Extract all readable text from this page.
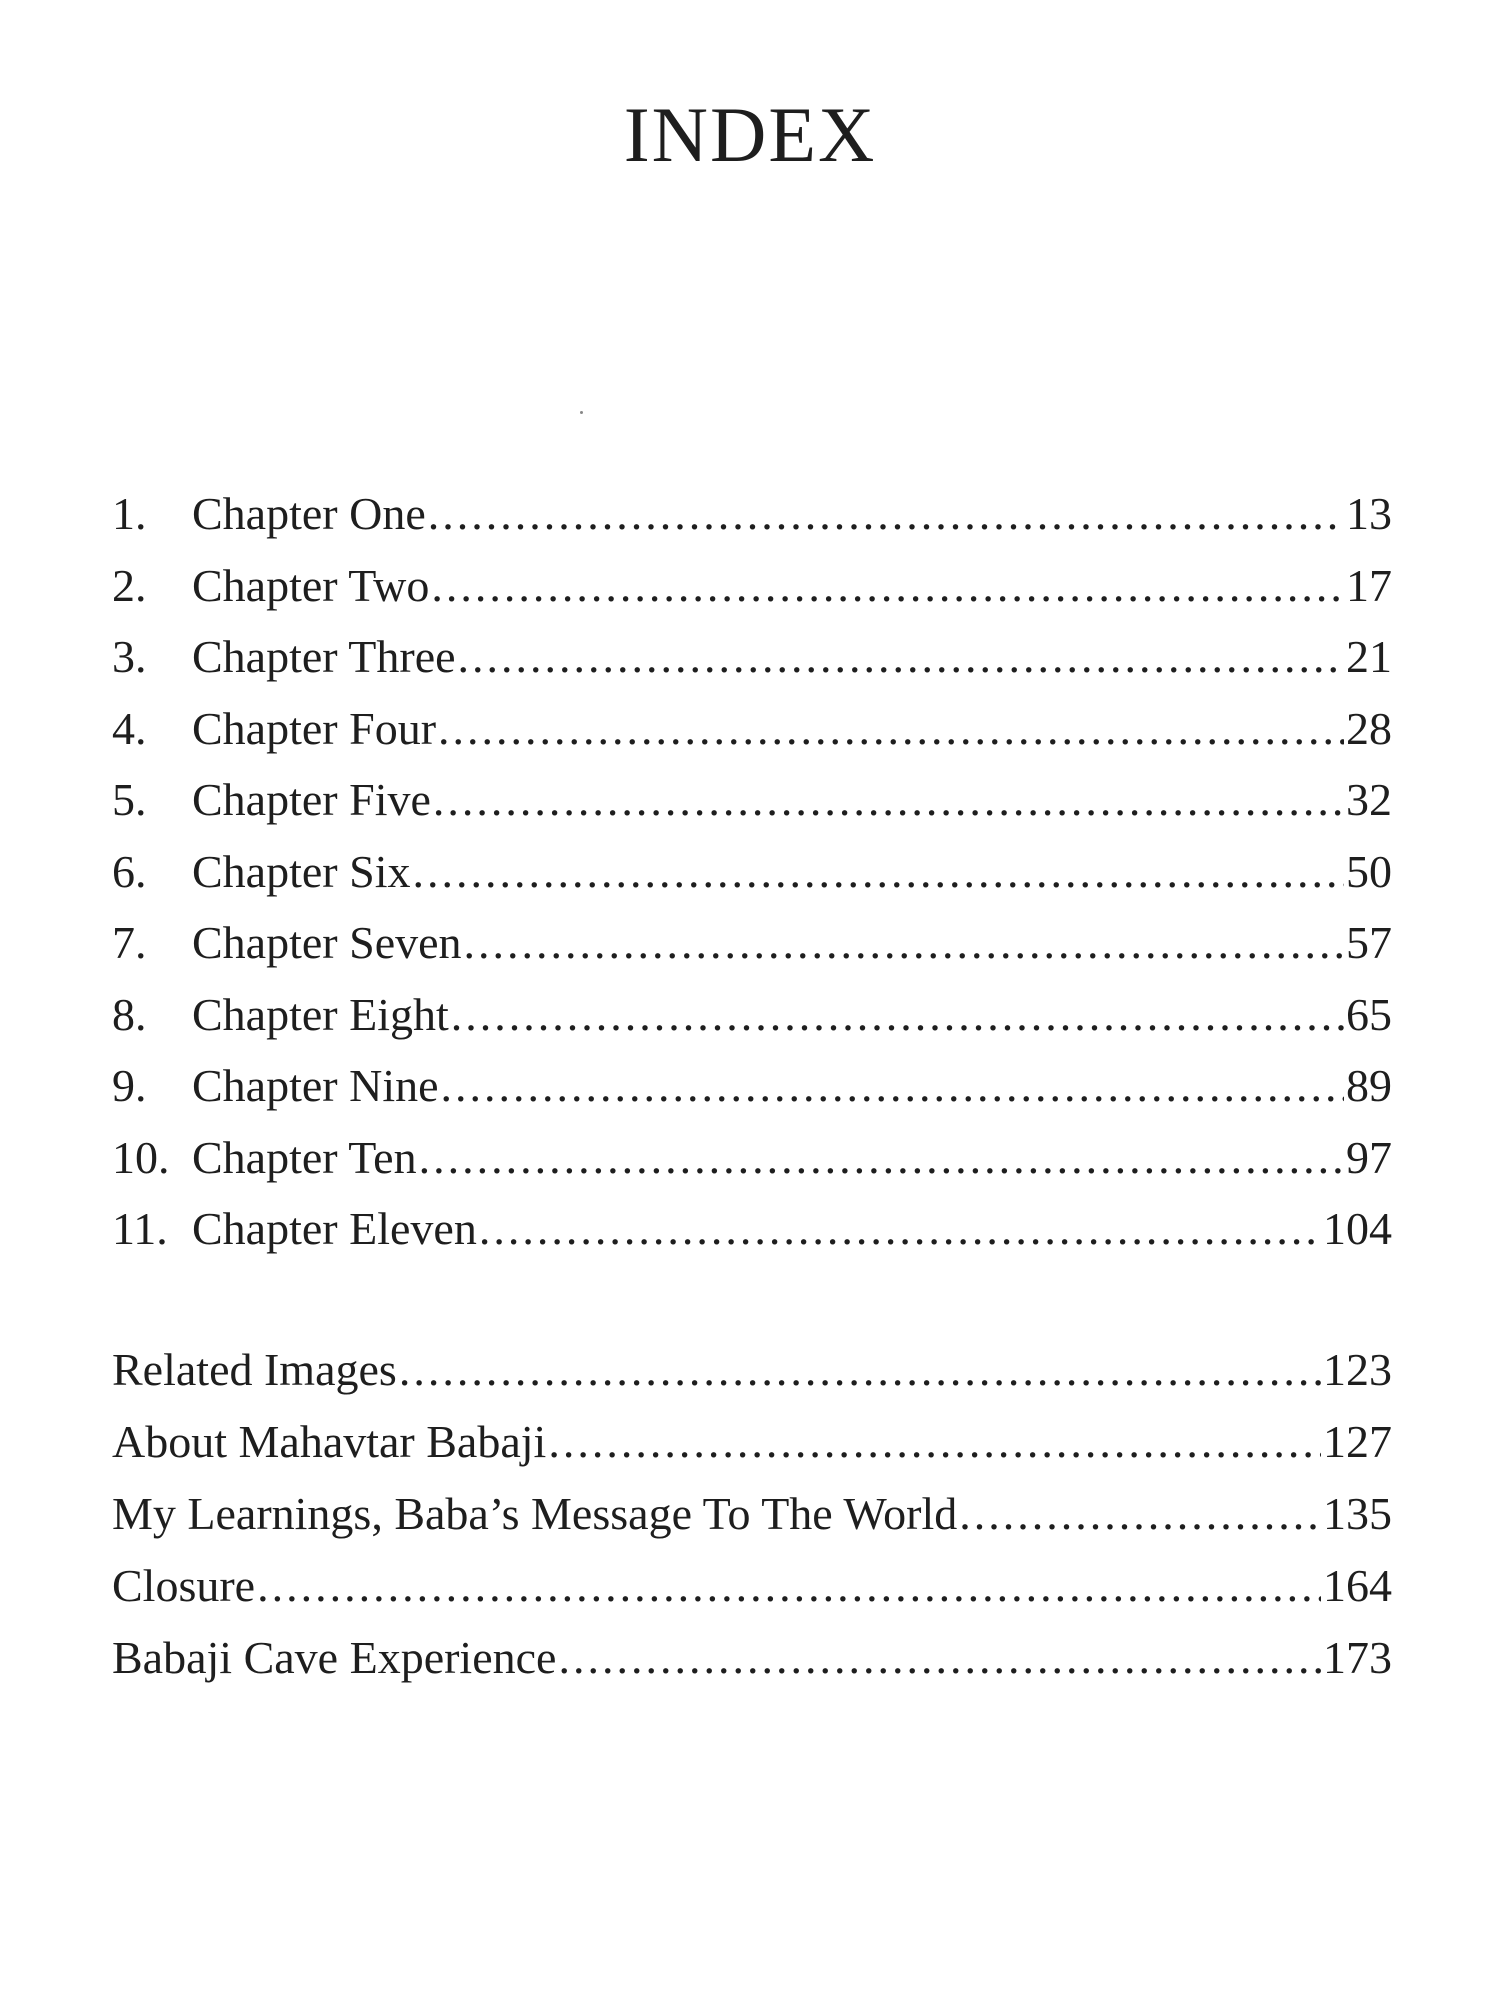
INDEX
1. Chapter One .....	13
2. Chapter Two .....	17
3. Chapter Three .....	21
4. Chapter Four .....	28
5. Chapter Five .....	32
6. Chapter Six .....	50
7. Chapter Seven .....	57
8. Chapter Eight .....	65
9. Chapter Nine .....	89
10. Chapter Ten .....	97
11. Chapter Eleven .....	104
Related Images .....	123
About Mahavtar Babaji .....	127
My Learnings, Baba’s Message To The World .....	135
Closure .....	164
Babaji Cave Experience .....	173
